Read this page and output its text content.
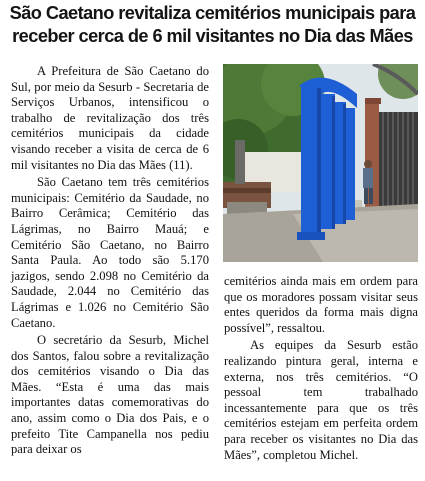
São Caetano revitaliza cemitérios municipais para
receber cerca de 6 mil visitantes no Dia das Mães

A Prefeitura de São Caetano do Sul, por meio da Sesurb - Secretaria de Serviços Urbanos, intensificou o trabalho de revitalização dos três cemitérios municipais da cidade visando receber a visita de cerca de 6 mil visitantes no Dia das Mães (11).

São Caetano tem três cemitérios municipais: Cemitério da Saudade, no Bairro Cerâmica; Cemitério das Lágrimas, no Bairro Mauá; e Cemitério São Caetano, no Bairro Santa Paula. Ao todo são 5.170 jazigos, sendo 2.098 no Cemitério da Saudade, 2.044 no Cemitério das Lágrimas e 1.026 no Cemitério São Caetano.

O secretário da Sesurb, Michel dos Santos, falou sobre a revitalização dos cemitérios visando o Dia das Mães. “Esta é uma das mais importantes datas comemorativas do ano, assim como o Dia dos Pais, e o prefeito Tite Campanella nos pediu para deixar os

cemitérios ainda mais em ordem para que os moradores possam visitar seus entes queridos da forma mais digna possível”, ressaltou.

As equipes da Sesurb estão realizando pintura geral, interna e externa, nos três cemitérios. “O pessoal tem trabalhado incessantemente para que os três cemitérios estejam em perfeita ordem para receber os visitantes no Dia das Mães”, completou Michel.
